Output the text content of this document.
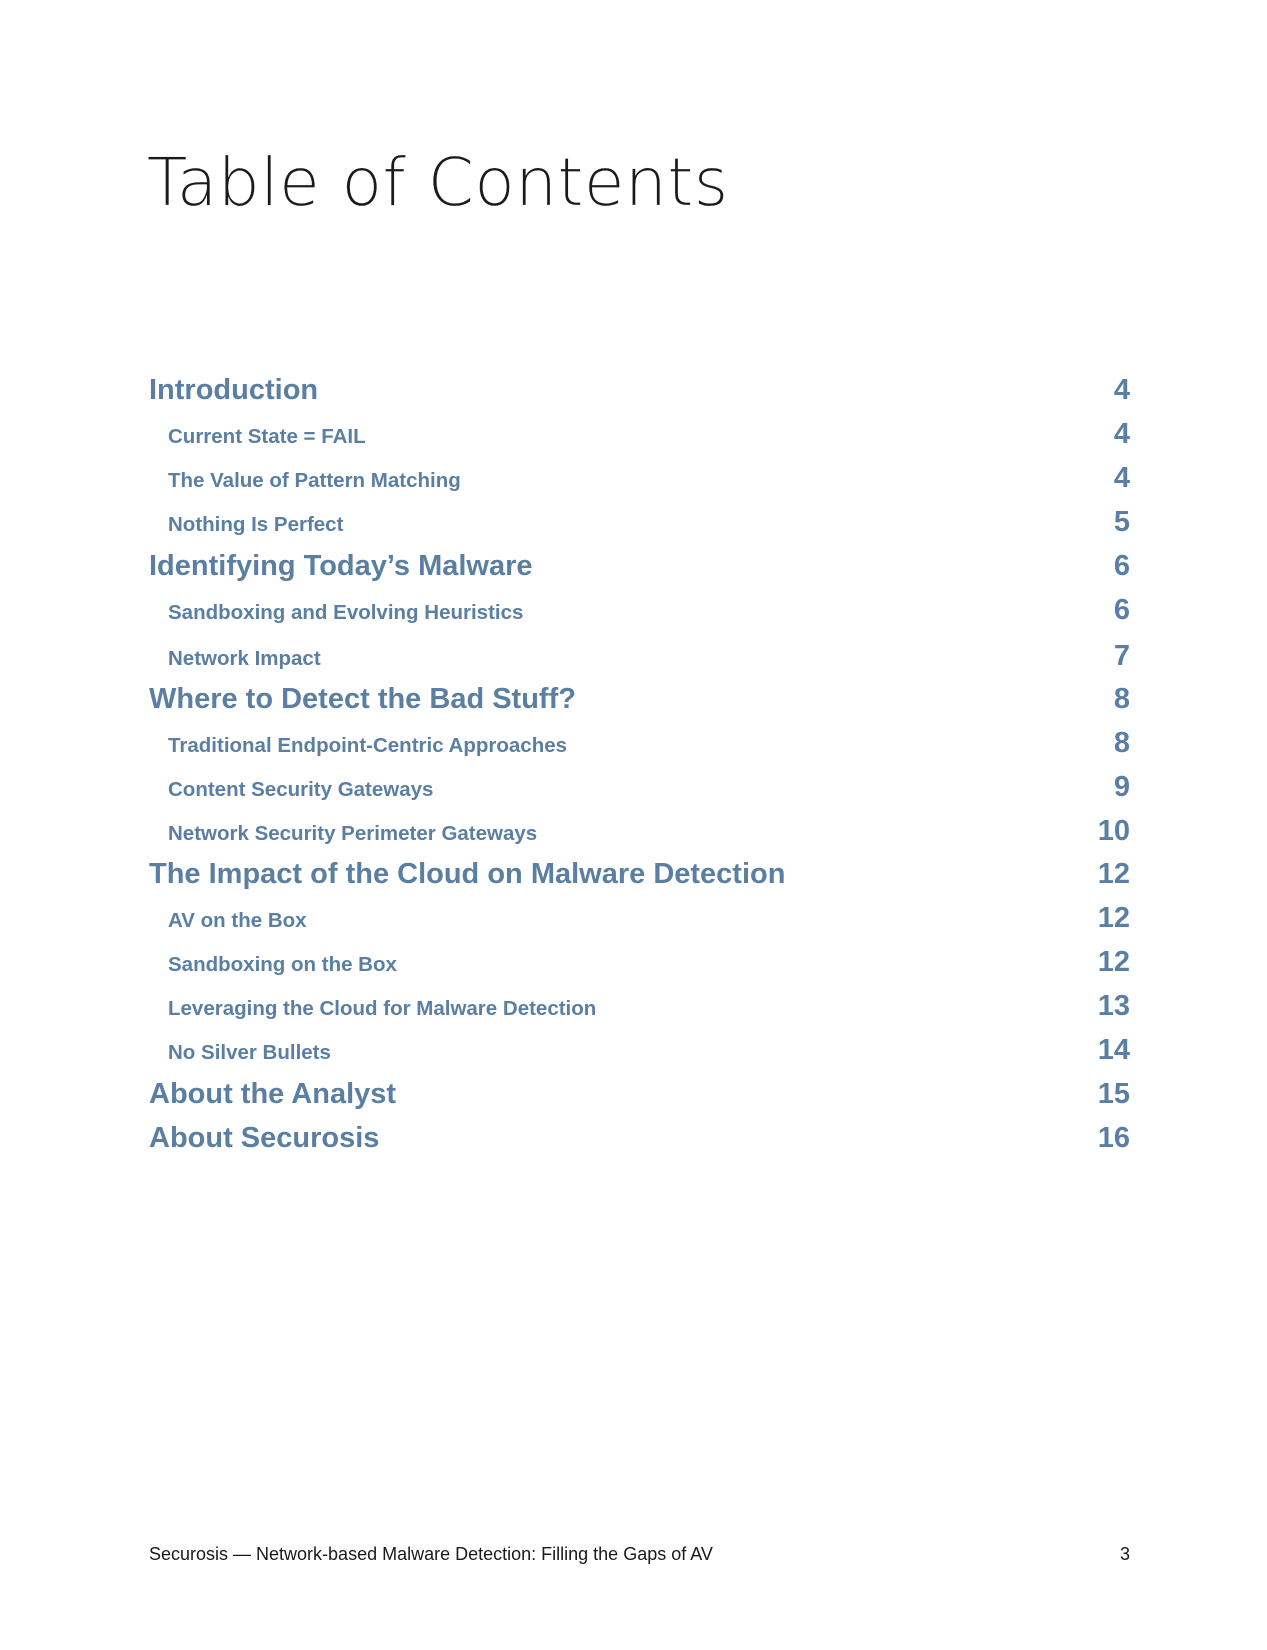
Table of Contents
Introduction	4
Current State = FAIL	4
The Value of Pattern Matching	4
Nothing Is Perfect	5
Identifying Today’s Malware	6
Sandboxing and Evolving Heuristics	6
Network Impact	7
Where to Detect the Bad Stuff?	8
Traditional Endpoint-Centric Approaches	8
Content Security Gateways	9
Network Security Perimeter Gateways	10
The Impact of the Cloud on Malware Detection	12
AV on the Box	12
Sandboxing on the Box	12
Leveraging the Cloud for Malware Detection	13
No Silver Bullets	14
About the Analyst	15
About Securosis	16
Securosis — Network-based Malware Detection: Filling the Gaps of AV	3
